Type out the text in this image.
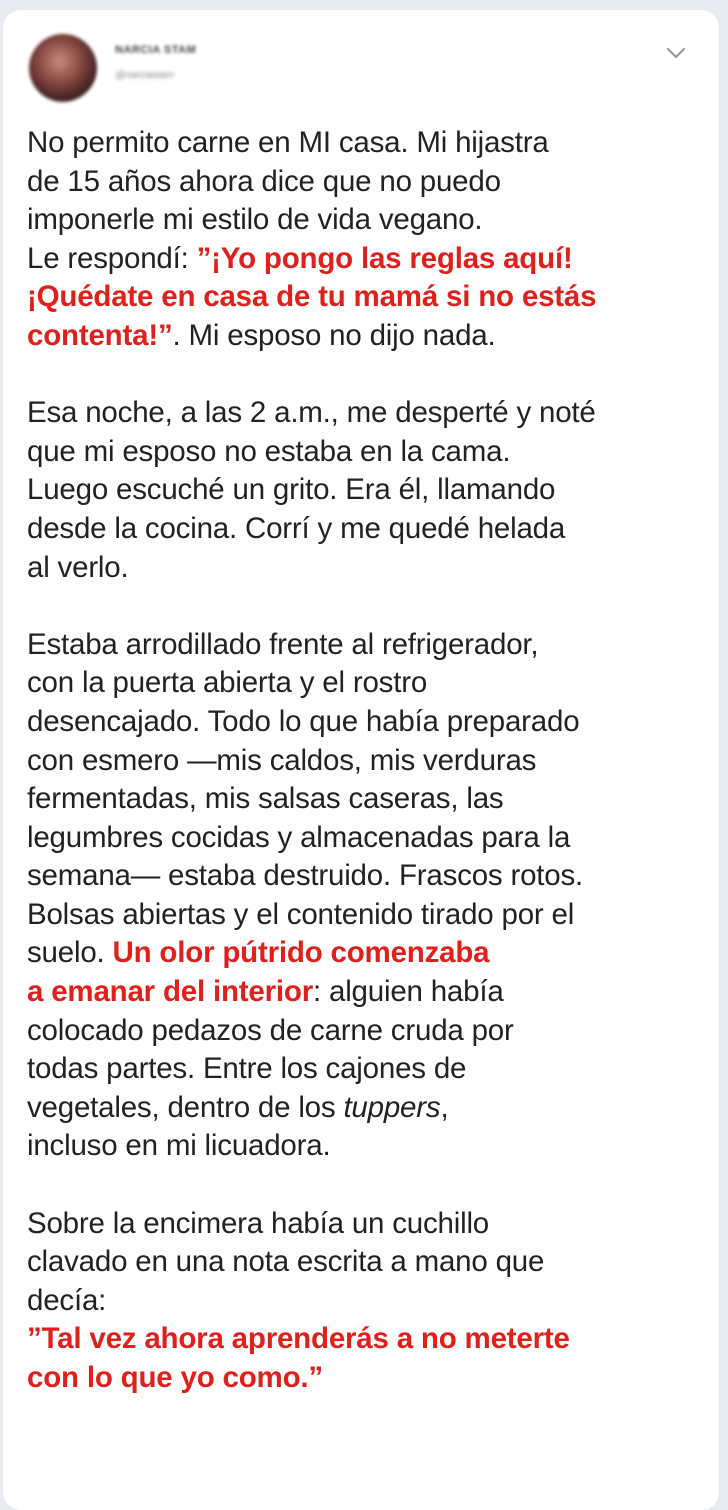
NARCIA STAM
@narciastam

No permito carne en MI casa. Mi hijastra

de 15 años ahora dice que no puedo

imponerle mi estilo de vida vegano.

Le respondí: ”¡Yo pongo las reglas aquí!

¡Quédate en casa de tu mamá si no estás

contenta!”. Mi esposo no dijo nada.

Esa noche, a las 2 a.m., me desperté y noté

que mi esposo no estaba en la cama.

Luego escuché un grito. Era él, llamando

desde la cocina. Corrí y me quedé helada

al verlo.

Estaba arrodillado frente al refrigerador,

con la puerta abierta y el rostro

desencajado. Todo lo que había preparado

con esmero —mis caldos, mis verduras

fermentadas, mis salsas caseras, las

legumbres cocidas y almacenadas para la

semana— estaba destruido. Frascos rotos.

Bolsas abiertas y el contenido tirado por el

suelo. Un olor pútrido comenzaba

a emanar del interior: alguien había

colocado pedazos de carne cruda por

todas partes. Entre los cajones de

vegetales, dentro de los tuppers,

incluso en mi licuadora.

Sobre la encimera había un cuchillo

clavado en una nota escrita a mano que

decía:

”Tal vez ahora aprenderás a no meterte

con lo que yo como.”
